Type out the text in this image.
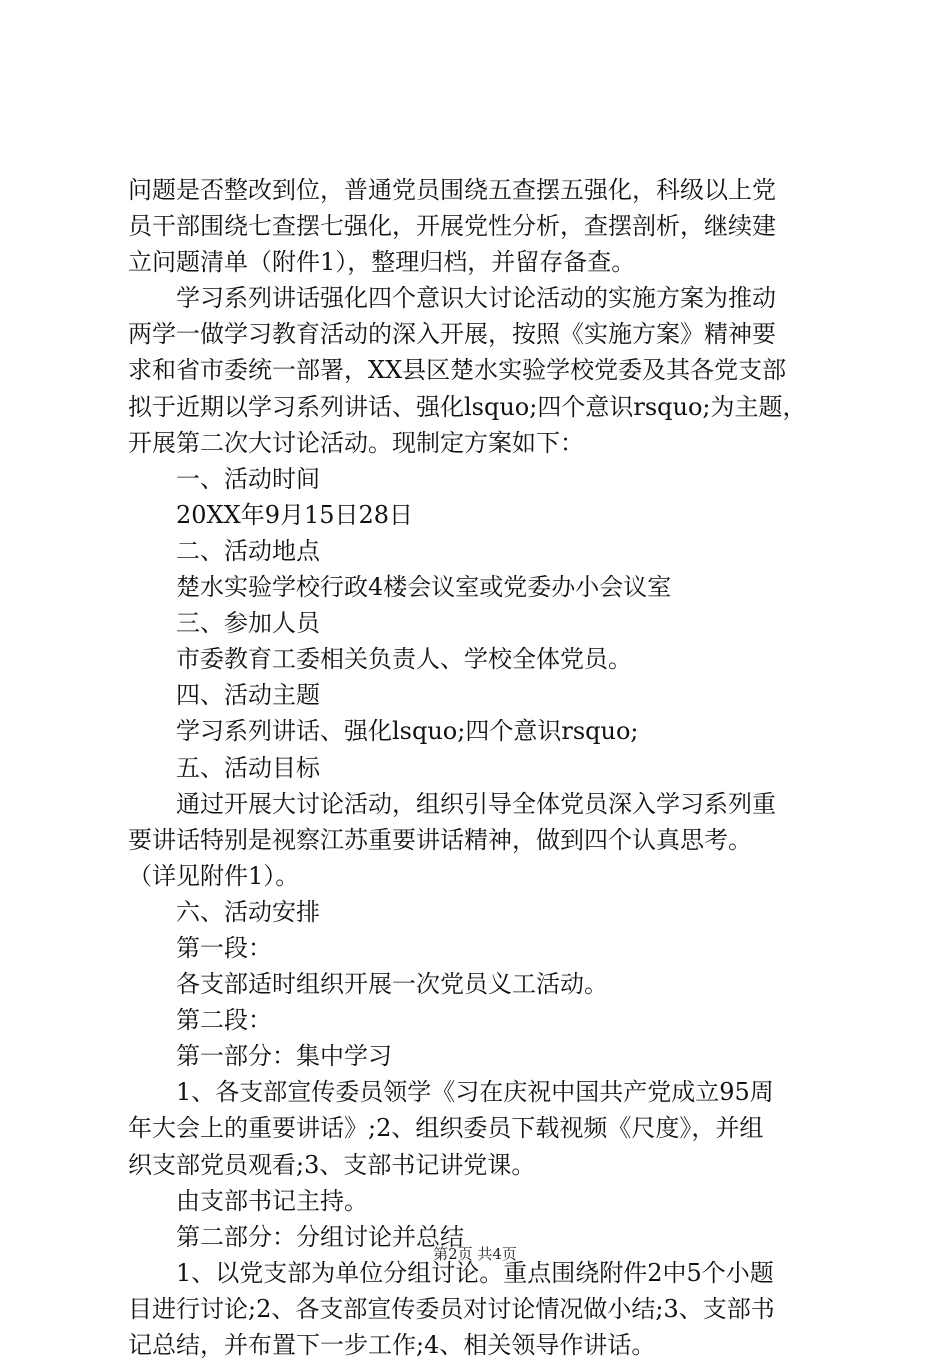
问题是否整改到位，普通党员围绕五查摆五强化，科级以上党
员干部围绕七查摆七强化，开展党性分析，查摆剖析，继续建
立问题清单（附件1），整理归档，并留存备查。
学习系列讲话强化四个意识大讨论活动的实施方案为推动
两学一做学习教育活动的深入开展，按照《实施方案》精神要
求和省市委统一部署，XX县区楚水实验学校党委及其各党支部
拟于近期以学习系列讲话、强化lsquo;四个意识rsquo;为主题，
开展第二次大讨论活动。现制定方案如下：
一、活动时间
20XX年9月15日28日
二、活动地点
楚水实验学校行政4楼会议室或党委办小会议室
三、参加人员
市委教育工委相关负责人、学校全体党员。
四、活动主题
学习系列讲话、强化lsquo;四个意识rsquo;
五、活动目标
通过开展大讨论活动，组织引导全体党员深入学习系列重
要讲话特别是视察江苏重要讲话精神，做到四个认真思考。
（详见附件1）。
六、活动安排
第一段：
各支部适时组织开展一次党员义工活动。
第二段：
第一部分：集中学习
1、各支部宣传委员领学《习在庆祝中国共产党成立95周
年大会上的重要讲话》;2、组织委员下载视频《尺度》，并组
织支部党员观看;3、支部书记讲党课。
由支部书记主持。
第二部分：分组讨论并总结
1、以党支部为单位分组讨论。重点围绕附件2中5个小题
目进行讨论;2、各支部宣传委员对讨论情况做小结;3、支部书
记总结，并布置下一步工作;4、相关领导作讲话。
第2页 共4页
